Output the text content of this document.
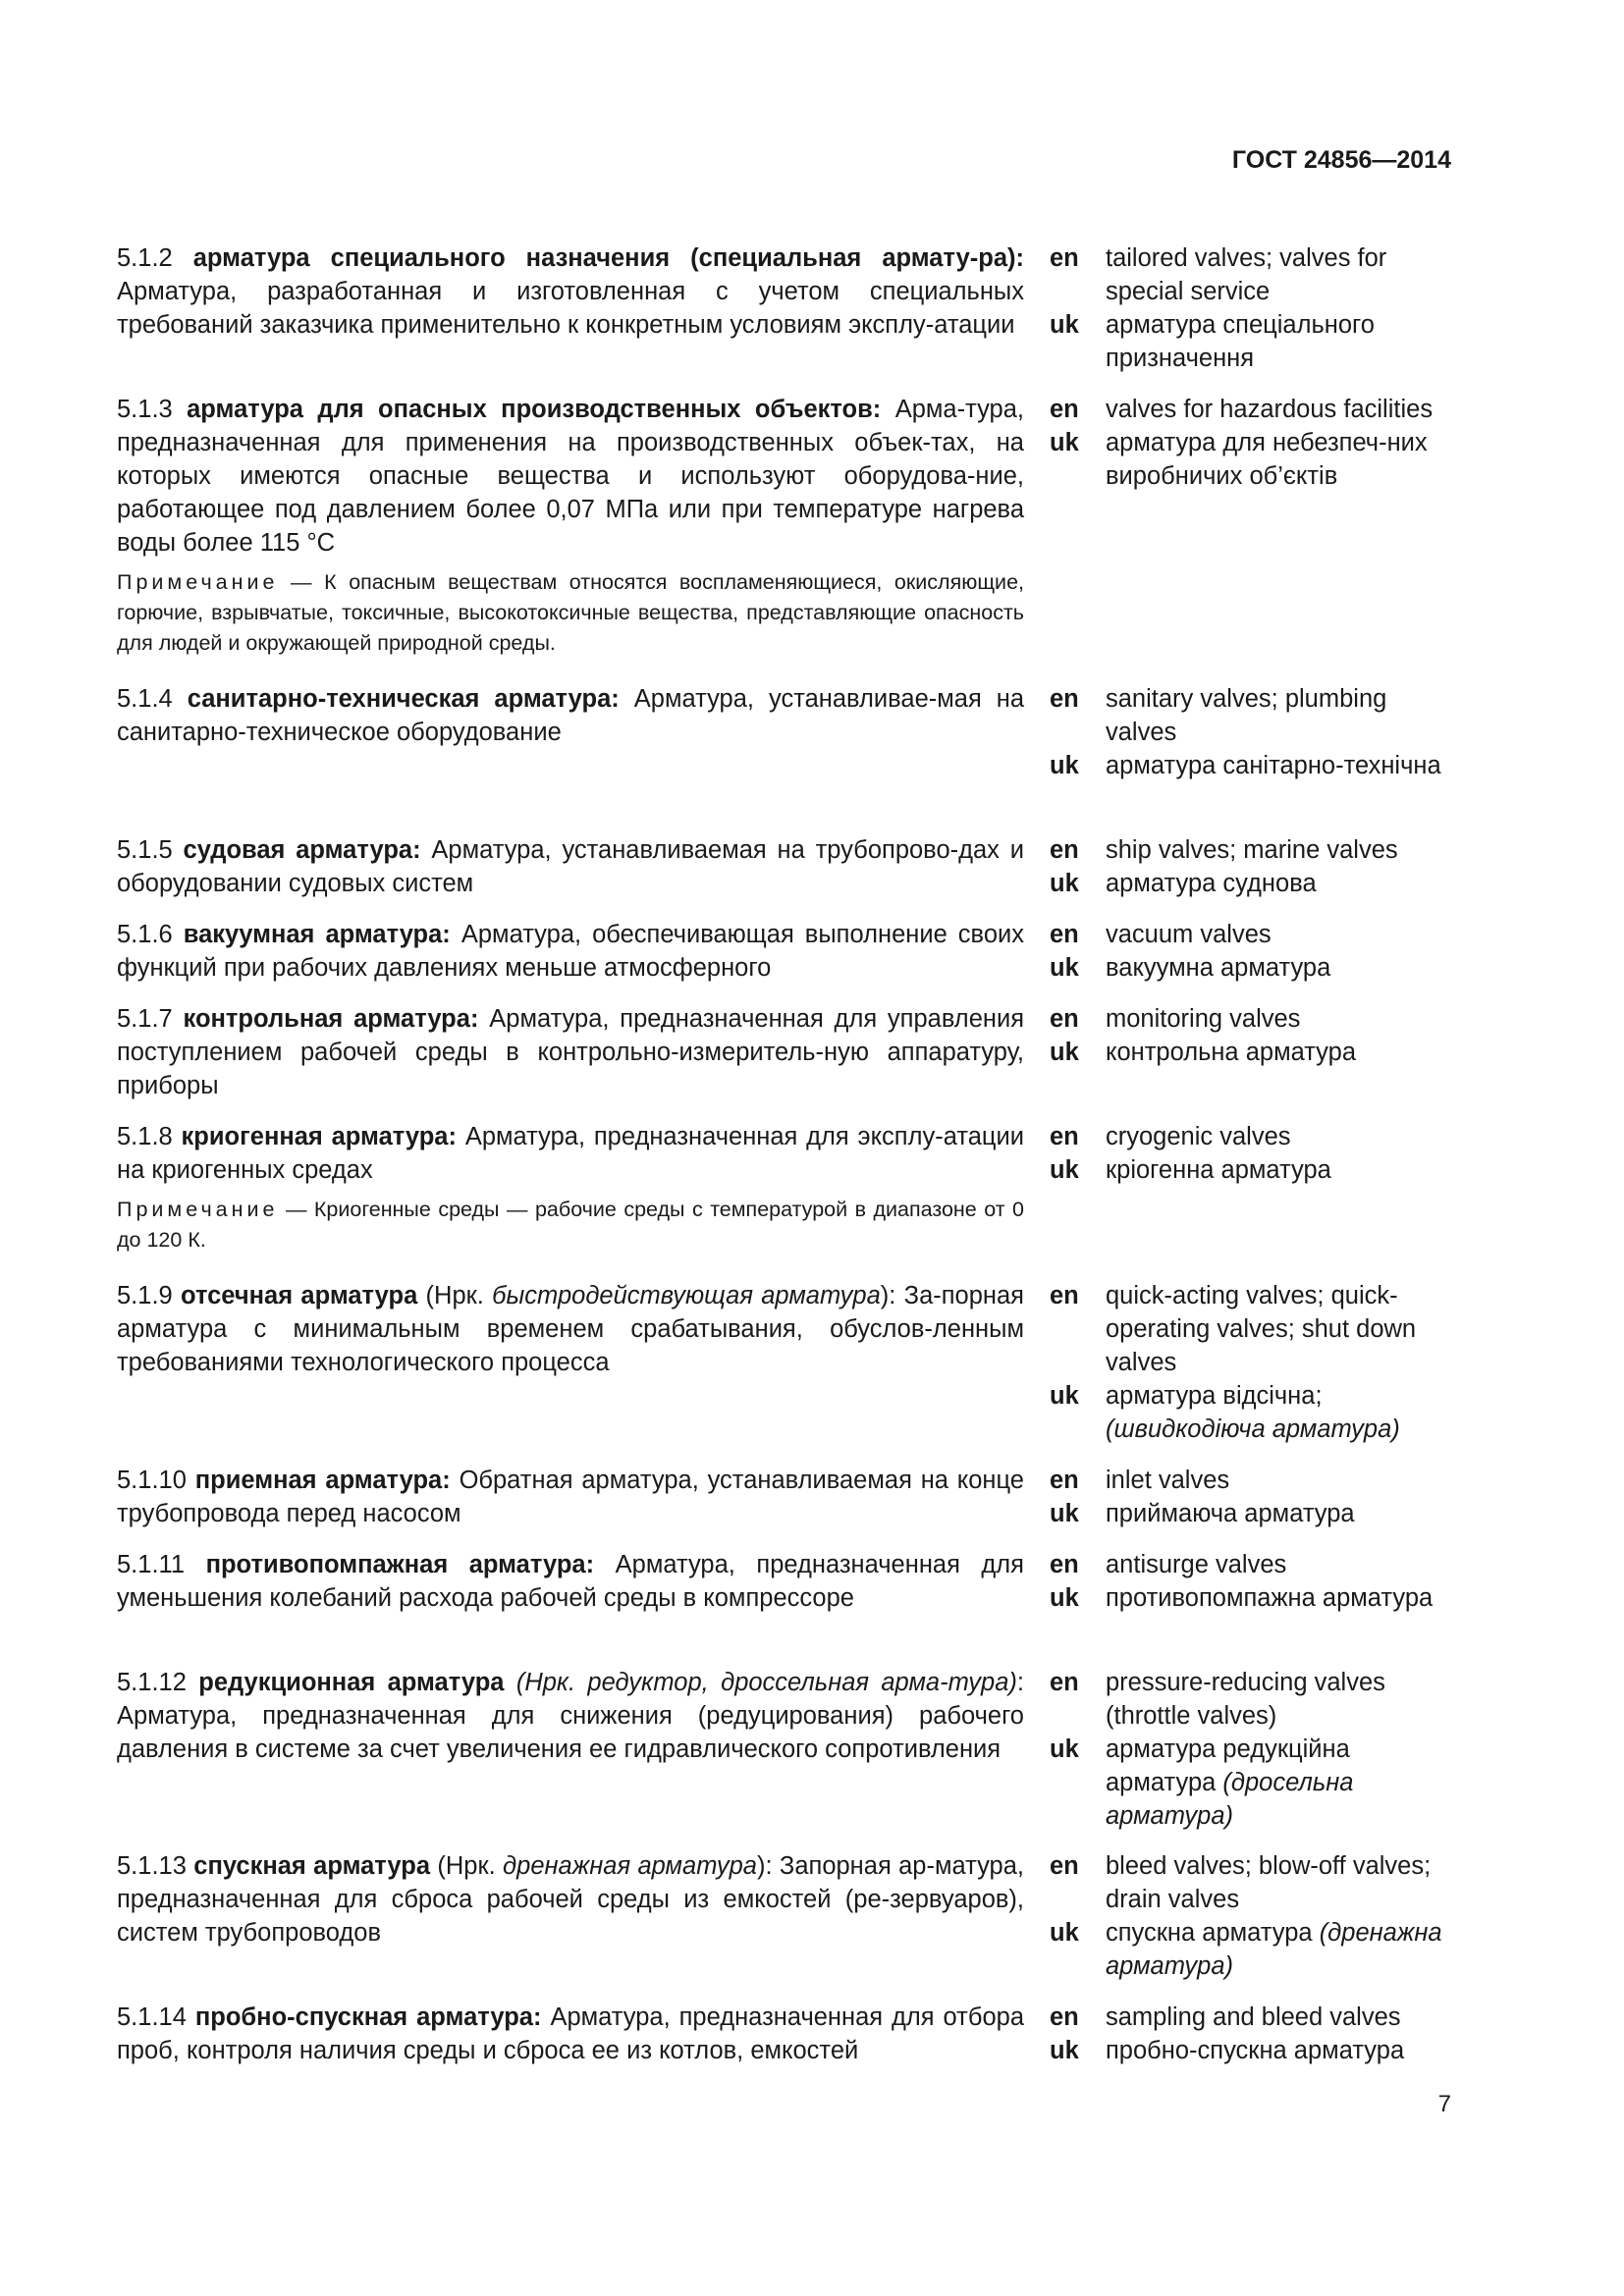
ГОСТ 24856—2014
5.1.2 арматура специального назначения (специальная армату-ра): Арматура, разработанная и изготовленная с учетом специальных требований заказчика применительно к конкретным условиям эксплу-атации
en	tailored valves; valves for special service
uk	арматура спеціального призначення
5.1.3 арматура для опасных производственных объектов: Арма-тура, предназначенная для применения на производственных объек-тах, на которых имеются опасные вещества и используют оборудова-ние, работающее под давлением более 0,07 МПа или при температуре нагрева воды более 115 °С
Примечание — К опасным веществам относятся воспламеняющиеся, окисляющие, горючие, взрывчатые, токсичные, высокотоксичные вещества, представляющие опасность для людей и окружающей природной среды.
en	valves for hazardous facilities
uk	арматура для небезпеч-них виробничих об’єктів
5.1.4 санитарно-техническая арматура: Арматура, устанавливае-мая на санитарно-техническое оборудование
en	sanitary valves; plumbing valves
uk	арматура санітарно-технічна
5.1.5 судовая арматура: Арматура, устанавливаемая на трубопрово-дах и оборудовании судовых систем
en	ship valves; marine valves
uk	арматура суднова
5.1.6 вакуумная арматура: Арматура, обеспечивающая выполнение своих функций при рабочих давлениях меньше атмосферного
en	vacuum valves
uk	вакуумна арматура
5.1.7 контрольная арматура: Арматура, предназначенная для управления поступлением рабочей среды в контрольно-измеритель-ную аппаратуру, приборы
en	monitoring valves
uk	контрольна арматура
5.1.8 криогенная арматура: Арматура, предназначенная для эксплу-атации на криогенных средах
Примечание — Криогенные среды — рабочие среды с температурой в диапазоне от 0 до 120 К.
en	cryogenic valves
uk	кріогенна арматура
5.1.9 отсечная арматура (Нрк. быстродействующая арматура): За-порная арматура с минимальным временем срабатывания, обуслов-ленным требованиями технологического процесса
en	quick-acting valves; quick-operating valves; shut down valves
uk	арматура відсічна; (швидкодіюча арматура)
5.1.10 приемная арматура: Обратная арматура, устанавливаемая на конце трубопровода перед насосом
en	inlet valves
uk	приймаюча арматура
5.1.11 противопомпажная арматура: Арматура, предназначенная для уменьшения колебаний расхода рабочей среды в компрессоре
en	antisurge valves
uk	противопомпажна арматура
5.1.12 редукционная арматура (Нрк. редуктор, дроссельная арма-тура): Арматура, предназначенная для снижения (редуцирования) рабочего давления в системе за счет увеличения ее гидравлического сопротивления
en	pressure-reducing valves (throttle valves)
uk	арматура редукційна арматура (дросельна арматура)
5.1.13 спускная арматура (Нрк. дренажная арматура): Запорная ар-матура, предназначенная для сброса рабочей среды из емкостей (ре-зервуаров), систем трубопроводов
en	bleed valves; blow-off valves; drain valves
uk	спускна арматура (дренажна арматура)
5.1.14 пробно-спускная арматура: Арматура, предназначенная для отбора проб, контроля наличия среды и сброса ее из котлов, емкостей
en	sampling and bleed valves
uk	пробно-спускна арматура
7
